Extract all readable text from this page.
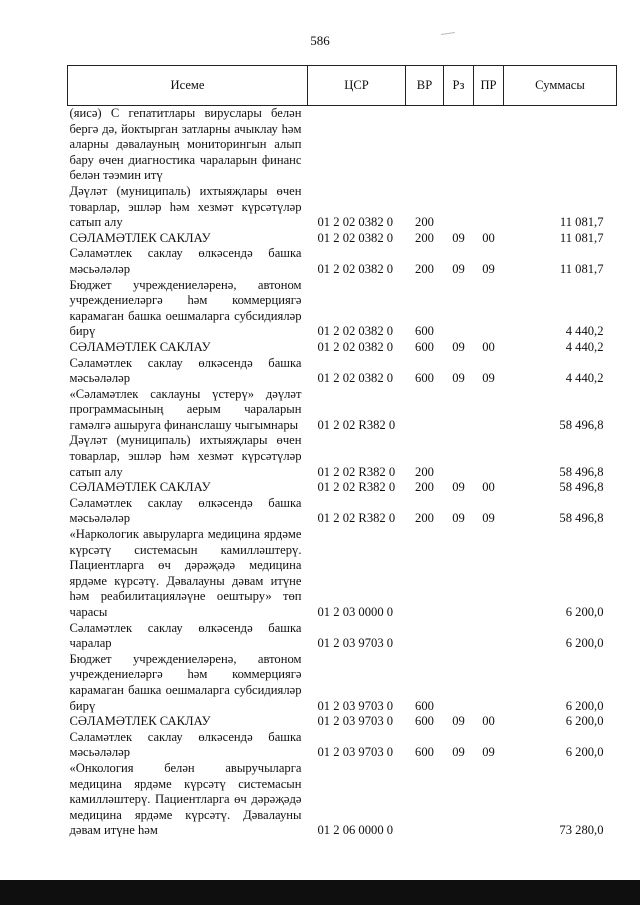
586
Исеме	ЦСР	ВР	Рз	ПР	Суммасы
(яисә) С гепатитлары вируслары белән бергә дә, йоктырган затларны ачыклау һәм аларны дәвалауның мониторингын алып бару өчен диагностика чараларын финанс белән тәэмин итү					
Дәүләт (муниципаль) ихтыяҗлары өчен товарлар, эшләр һәм хезмәт күрсәтүләр сатып алу	01 2 02 0382 0	200			11 081,7
СӘЛАМӘТЛЕК САКЛАУ	01 2 02 0382 0	200	09	00	11 081,7
Сәламәтлек саклау өлкәсендә башка мәсьәләләр	01 2 02 0382 0	200	09	09	11 081,7
Бюджет учреждениеләренә, автоном учреждениеләргә һәм коммерциягә карамаган башка оешмаларга субсидияләр бирү	01 2 02 0382 0	600			4 440,2
СӘЛАМӘТЛЕК САКЛАУ	01 2 02 0382 0	600	09	00	4 440,2
Сәламәтлек саклау өлкәсендә башка мәсьәләләр	01 2 02 0382 0	600	09	09	4 440,2
«Сәламәтлек саклауны үстерү» дәүләт программасының аерым чараларын гамәлгә ашыруга финанслашу чыгымнары	01 2 02 R382 0				58 496,8
Дәүләт (муниципаль) ихтыяҗлары өчен товарлар, эшләр һәм хезмәт күрсәтүләр сатып алу	01 2 02 R382 0	200			58 496,8
СӘЛАМӘТЛЕК САКЛАУ	01 2 02 R382 0	200	09	00	58 496,8
Сәламәтлек саклау өлкәсендә башка мәсьәләләр	01 2 02 R382 0	200	09	09	58 496,8
«Наркологик авыруларга медицина ярдәме күрсәтү системасын камилләштерү. Пациентларга өч дәрәҗәдә медицина ярдәме күрсәтү. Дәвалауны дәвам итүне һәм реабилитацияләүне оештыру» төп чарасы	01 2 03 0000 0				6 200,0
Сәламәтлек саклау өлкәсендә башка чаралар	01 2 03 9703 0				6 200,0
Бюджет учреждениеләренә, автоном учреждениеләргә һәм коммерциягә карамаган башка оешмаларга субсидияләр бирү	01 2 03 9703 0	600			6 200,0
СӘЛАМӘТЛЕК САКЛАУ	01 2 03 9703 0	600	09	00	6 200,0
Сәламәтлек саклау өлкәсендә башка мәсьәләләр	01 2 03 9703 0	600	09	09	6 200,0
«Онкология белән авыручыларга медицина ярдәме күрсәтү системасын камилләштерү. Пациентларга өч дәрәҗәдә медицина ярдәме күрсәтү. Дәвалауны дәвам итүне һәм	01 2 06 0000 0				73 280,0
